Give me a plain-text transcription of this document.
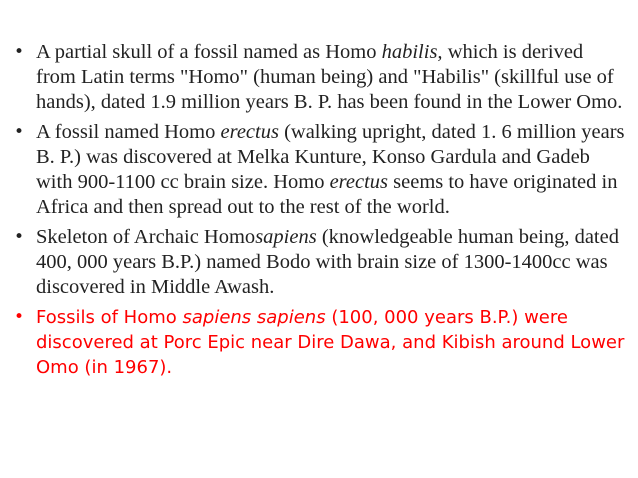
• A partial skull of a fossil named as Homo habilis, which is derived from Latin terms "Homo" (human being) and "Habilis" (skillful use of hands), dated 1.9 million years B. P. has been found in the Lower Omo.
• A fossil named Homo erectus (walking upright, dated 1. 6 million years B. P.) was discovered at Melka Kunture, Konso Gardula and Gadeb with 900-1100 cc brain size. Homo erectus seems to have originated in Africa and then spread out to the rest of the world.
• Skeleton of Archaic Homosapiens (knowledgeable human being, dated 400, 000 years B.P.) named Bodo with brain size of 1300-1400cc was discovered in Middle Awash.
• Fossils of Homo sapiens sapiens (100, 000 years B.P.) were discovered at Porc Epic near Dire Dawa, and Kibish around Lower Omo (in 1967).
